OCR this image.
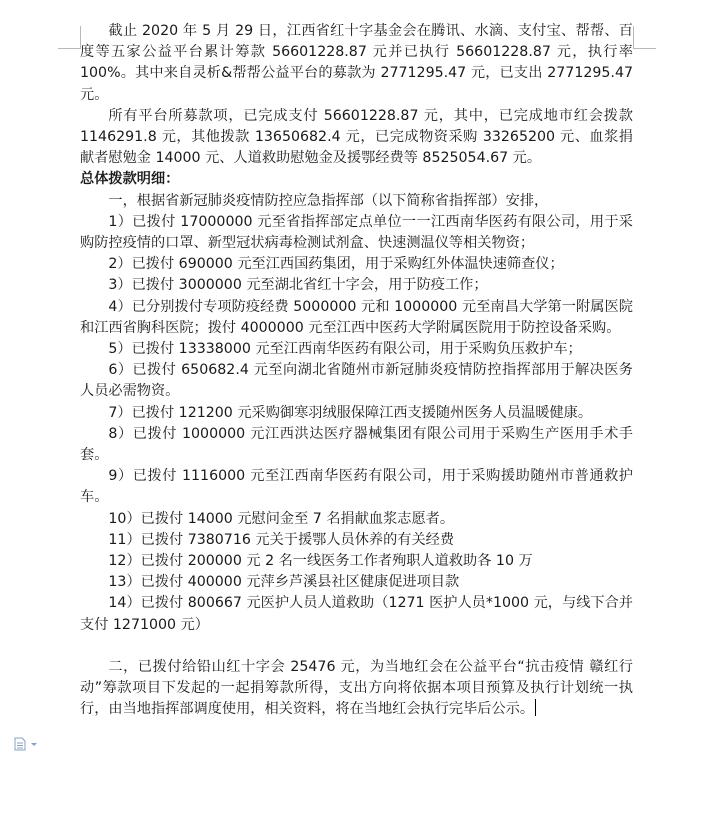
截止 2020 年 5 月 29 日，江西省红十字基金会在腾讯、水滴、支付宝、帮帮、百度等五家公益平台累计筹款 56601228.87 元并已执行 56601228.87 元，执行率 100%。其中来自灵析&帮帮公益平台的募款为 2771295.47 元，已支出 2771295.47 元。

所有平台所募款项，已完成支付 56601228.87 元，其中，已完成地市红会拨款 1146291.8 元，其他拨款 13650682.4 元，已完成物资采购 33265200 元、血浆捐献者慰勉金 14000 元、人道救助慰勉金及援鄂经费等 8525054.67 元。

总体拨款明细：

一，根据省新冠肺炎疫情防控应急指挥部（以下简称省指挥部）安排，

1）已拨付 17000000 元至省指挥部定点单位一一江西南华医药有限公司，用于采购防控疫情的口罩、新型冠状病毒检测试剂盒、快速测温仪等相关物资；

2）已拨付 690000 元至江西国药集团，用于采购红外体温快速筛查仪；

3）已拨付 3000000 元至湖北省红十字会，用于防疫工作；

4）已分别拨付专项防疫经费 5000000 元和 1000000 元至南昌大学第一附属医院和江西省胸科医院；拨付 4000000 元至江西中医药大学附属医院用于防控设备采购。

5）已拨付 13338000 元至江西南华医药有限公司，用于采购负压救护车；

6）已拨付 650682.4 元至向湖北省随州市新冠肺炎疫情防控指挥部用于解决医务人员必需物资。

7）已拨付 121200 元采购御寒羽绒服保障江西支援随州医务人员温暖健康。

8）已拨付 1000000 元江西洪达医疗器械集团有限公司用于采购生产医用手术手套。

9）已拨付 1116000 元至江西南华医药有限公司，用于采购援助随州市普通救护车。

10）已拨付 14000 元慰问金至 7 名捐献血浆志愿者。

11）已拨付 7380716 元关于援鄂人员休养的有关经费

12）已拨付 200000 元 2 名一线医务工作者殉职人道救助各 10 万

13）已拨付 400000 元萍乡芦溪县社区健康促进项目款

14）已拨付 800667 元医护人员人道救助（1271 医护人员*1000 元，与线下合并支付 1271000 元）

二，已拨付给铅山红十字会 25476 元，为当地红会在公益平台“抗击疫情 赣红行动”筹款项目下发起的一起捐筹款所得，支出方向将依据本项目预算及执行计划统一执行，由当地指挥部调度使用，相关资料，将在当地红会执行完毕后公示。
